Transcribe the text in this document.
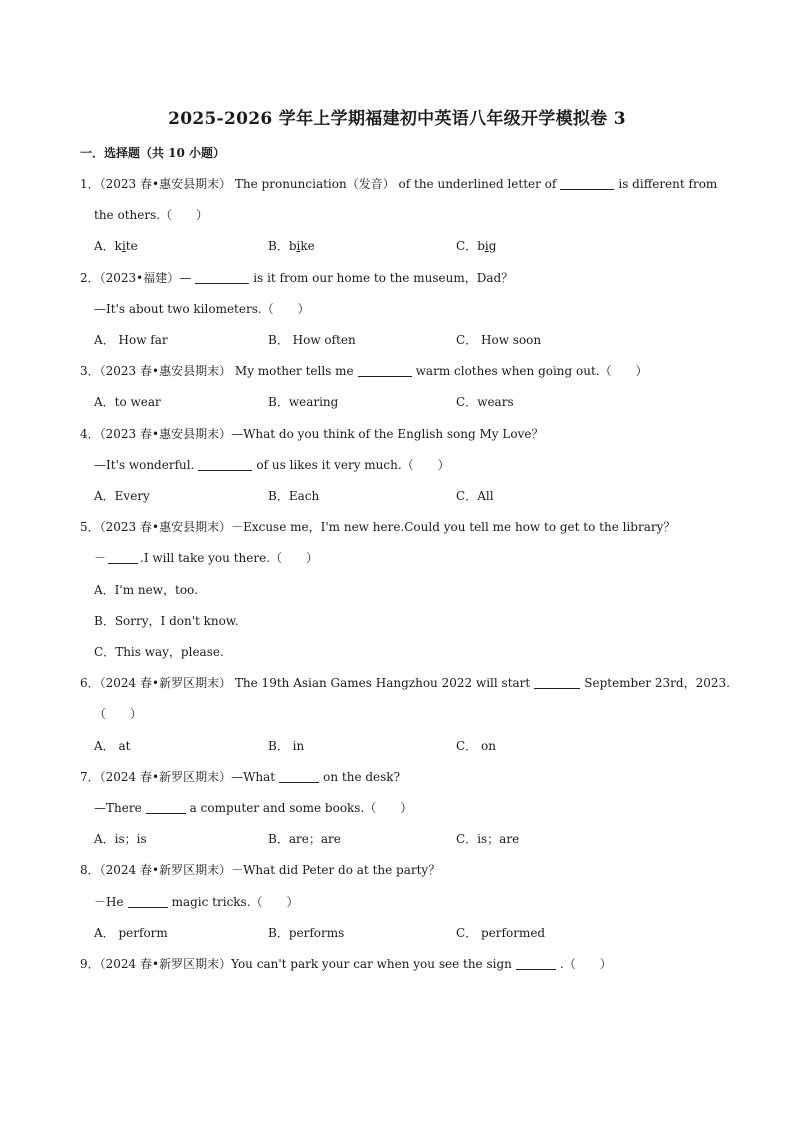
2025-2026 学年上学期福建初中英语八年级开学模拟卷 3
一．选择题（共 10 小题）
1．（2023 春•惠安县期末） The pronunciation（发音） of the underlined letter of	is different from
the others.（　　）
A．kite	B．bike	C．big
2．（2023•福建）—	is it from our home to the museum，Dad？
—It's about two kilometers.（　　）
A． How far	B． How often	C． How soon
3．（2023 春•惠安县期末） My mother tells me	warm clothes when going out.（　　）
A．to wear	B．wearing	C．wears
4．（2023 春•惠安县期末）—What do you think of the English song My Love？
—It's wonderful.	of us likes it very much.（　　）
A．Every	B．Each	C．All
5．（2023 春•惠安县期末）－Excuse me，I'm new here.Could you tell me how to get to the library？
－	.I will take you there.（　　）
A．I'm new，too.
B．Sorry，I don't know.
C．This way，please.
6．（2024 春•新罗区期末） The 19th Asian Games Hangzhou 2022 will start	September 23rd，2023.
（　　）
A． at	B． in	C． on
7．（2024 春•新罗区期末）—What	on the desk?
—There	a computer and some books.（　　）
A．is；is	B．are；are	C．is；are
8．（2024 春•新罗区期末）－What did Peter do at the party？
－He	magic tricks.（　　）
A． perform	B．performs	C． performed
9．（2024 春•新罗区期末）You can't park your car when you see the sign	.（　　）
